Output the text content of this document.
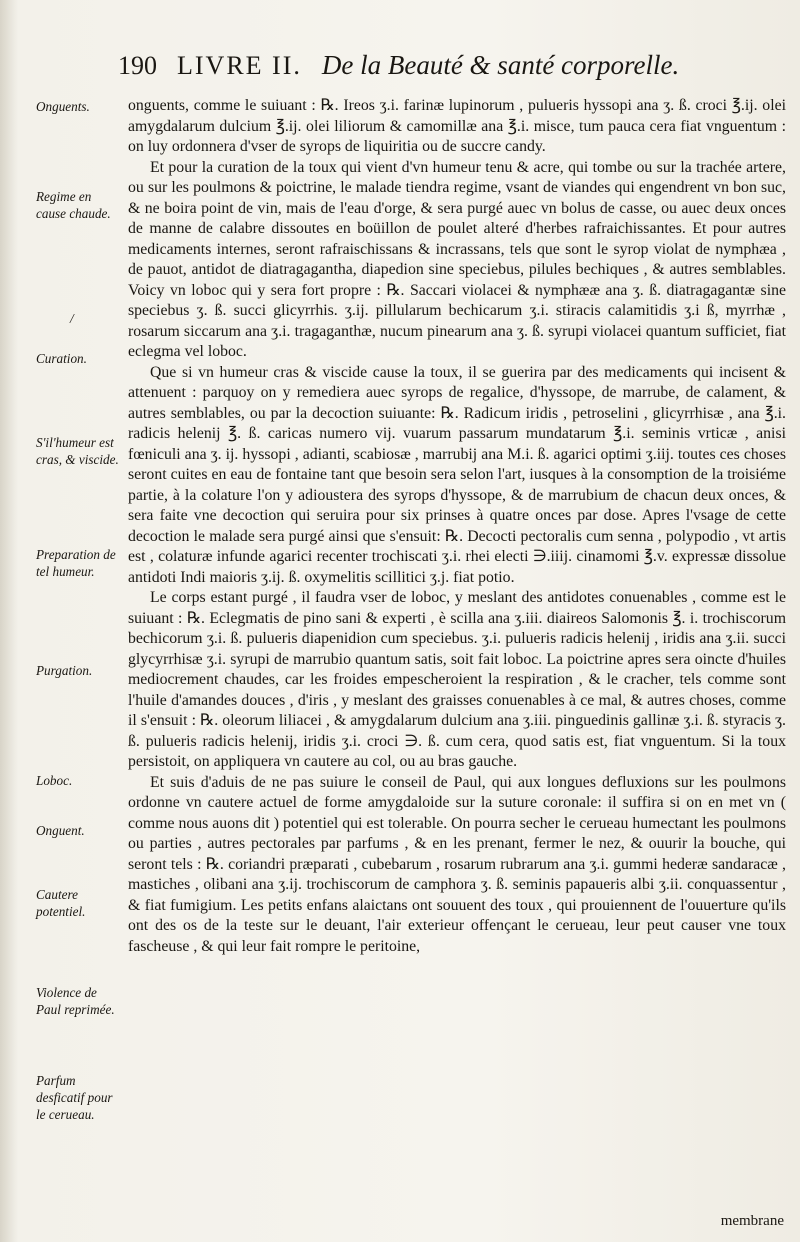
190 LIVRE II. De la Beauté & santé corporelle.
Onguents.
Regime en cause chaude.
/
Curation.
S'il'humeur est cras, & viscide.
Preparation de tel humeur.
Purgation.
Loboc.
Onguent.
Cautere potentiel.
Violence de Paul reprimée.
Parfum desficatif pour le cerueau.

onguents, comme le suiuant : ℞. Ireos ʒ.i. farinæ lupinorum , pulueris hyssopi ana ʒ. ß. croci ℥.ij. olei amygdalarum dulcium ℥.ij. olei liliorum & camomillæ ana ℥.i. misce, tum pauca cera fiat vnguentum : on luy ordonnera d'vser de syrops de liquiritia ou de succre candy.

Et pour la curation de la toux qui vient d'vn humeur tenu & acre, qui tombe ou sur la trachée artere, ou sur les poulmons & poictrine, le malade tiendra regime, vsant de viandes qui engendrent vn bon suc, & ne boira point de vin, mais de l'eau d'orge, & sera purgé auec vn bolus de casse, ou auec deux onces de manne de calabre dissoutes en boüillon de poulet alteré d'herbes rafraichissantes. Et pour autres medicaments internes, seront rafraischissans & incrassans, tels que sont le syrop violat de nymphæa , de pauot, antidot de diatragagantha, diapedion sine speciebus, pilules bechiques , & autres semblables. Voicy vn loboc qui y sera fort propre : ℞. Saccari violacei & nymphææ ana ʒ. ß. diatragagantæ sine speciebus ʒ. ß. succi glicyrrhis. ʒ.ij. pillularum bechicarum ʒ.i. stiracis calamitidis ʒ.i ß, myrrhæ , rosarum siccarum ana ʒ.i. tragaganthæ, nucum pinearum ana ʒ. ß. syrupi violacei quantum sufficiet, fiat eclegma vel loboc.

Que si vn humeur cras & viscide cause la toux, il se guerira par des medicaments qui incisent & attenuent : parquoy on y remediera auec syrops de regalice, d'hyssope, de marrube, de calament, & autres semblables, ou par la decoction suiuante: ℞. Radicum iridis , petroselini , glicyrrhisæ , ana ℥.i. radicis helenij ℥. ß. caricas numero vij. vuarum passarum mundatarum ℥.i. seminis vrticæ , anisi fœniculi ana ʒ. ij. hyssopi , adianti, scabiosæ , marrubij ana M.i. ß. agarici optimi ʒ.iij. toutes ces choses seront cuites en eau de fontaine tant que besoin sera selon l'art, iusques à la consomption de la troisiéme partie, à la colature l'on y adioustera des syrops d'hyssope, & de marrubium de chacun deux onces, & sera faite vne decoction qui seruira pour six prinses à quatre onces par dose. Apres l'vsage de cette decoction le malade sera purgé ainsi que s'ensuit: ℞. Decocti pectoralis cum senna , polypodio , vt artis est , colaturæ infunde agarici recenter trochiscati ʒ.i. rhei electi ∋.iiij. cinamomi ℥.v. expressæ dissolue antidoti Indi maioris ʒ.ij. ß. oxymelitis scillitici ʒ.j. fiat potio.

Le corps estant purgé , il faudra vser de loboc, y meslant des antidotes conuenables , comme est le suiuant : ℞. Eclegmatis de pino sani & experti , è scilla ana ʒ.iii. diaireos Salomonis ℥. i. trochiscorum bechicorum ʒ.i. ß. pulueris diapenidion cum speciebus. ʒ.i. pulueris radicis helenij , iridis ana ʒ.ii. succi glycyrrhisæ ʒ.i. syrupi de marrubio quantum satis, soit fait loboc. La poictrine apres sera oincte d'huiles mediocrement chaudes, car les froides empescheroient la respiration , & le cracher, tels comme sont l'huile d'amandes douces , d'iris , y meslant des graisses conuenables à ce mal, & autres choses, comme il s'ensuit : ℞. oleorum liliacei , & amygdalarum dulcium ana ʒ.iii. pinguedinis gallinæ ʒ.i. ß. styracis ʒ. ß. pulueris radicis helenij, iridis ʒ.i. croci ∋. ß. cum cera, quod satis est, fiat vnguentum. Si la toux persistoit, on appliquera vn cautere au col, ou au bras gauche.

Et suis d'aduis de ne pas suiure le conseil de Paul, qui aux longues defluxions sur les poulmons ordonne vn cautere actuel de forme amygdaloide sur la suture coronale: il suffira si on en met vn ( comme nous auons dit ) potentiel qui est tolerable. On pourra secher le cerueau humectant les poulmons ou parties , autres pectorales par parfums , & en les prenant, fermer le nez, & ouurir la bouche, qui seront tels : ℞. coriandri præparati , cubebarum , rosarum rubrarum ana ʒ.i. gummi hederæ sandaracæ , mastiches , olibani ana ʒ.ij. trochiscorum de camphora ʒ. ß. seminis papaueris albi ʒ.ii. conquassentur , & fiat fumigium. Les petits enfans alaictans ont souuent des toux , qui prouiennent de l'ouuerture qu'ils ont des os de la teste sur le deuant, l'air exterieur offençant le cerueau, leur peut causer vne toux fascheuse , & qui leur fait rompre le peritoine,

membrane
